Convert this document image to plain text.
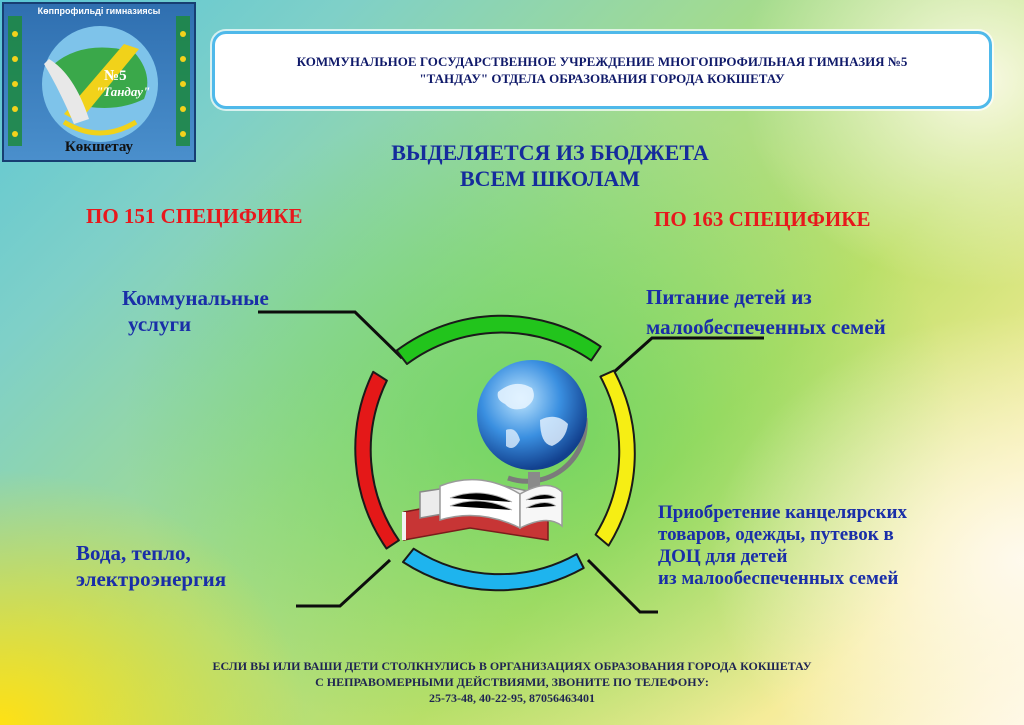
Көппрофильді гимназиясы
№5
"Тандау"
Көкшетау
КОММУНАЛЬНОЕ ГОСУДАРСТВЕННОЕ УЧРЕЖДЕНИЕ МНОГОПРОФИЛЬНАЯ ГИМНАЗИЯ №5
"ТАНДАУ" ОТДЕЛА ОБРАЗОВАНИЯ ГОРОДА КОКШЕТАУ
ВЫДЕЛЯЕТСЯ ИЗ БЮДЖЕТА
ВСЕМ ШКОЛАМ
ПО 151 СПЕЦИФИКЕ	ПО 163 СПЕЦИФИКЕ
Коммунальные
услуги
Вода, тепло,
электроэнергия
Питание детей из
малообеспеченных семей
Приобретение канцелярских
товаров, одежды, путевок в
ДОЦ для детей
из малообеспеченных семей
ЕСЛИ ВЫ ИЛИ ВАШИ ДЕТИ СТОЛКНУЛИСЬ В ОРГАНИЗАЦИЯХ ОБРАЗОВАНИЯ ГОРОДА КОКШЕТАУ
С НЕПРАВОМЕРНЫМИ ДЕЙСТВИЯМИ, ЗВОНИТЕ ПО ТЕЛЕФОНУ:
25-73-48, 40-22-95, 87056463401
